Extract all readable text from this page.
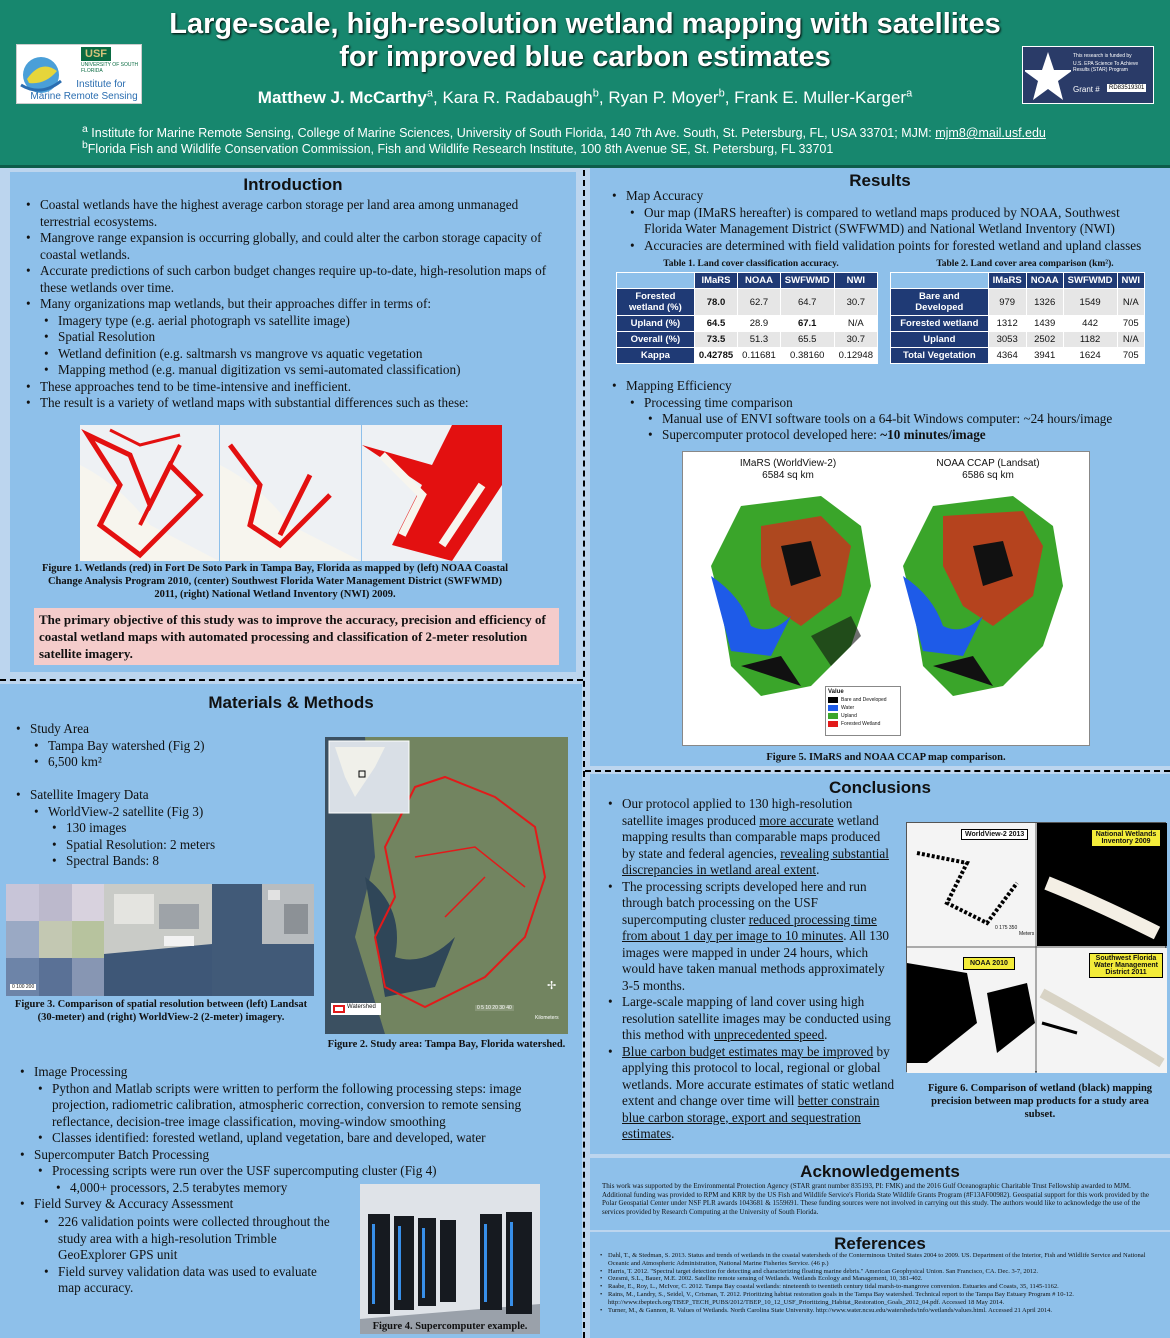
USF
UNIVERSITY OF SOUTH FLORIDA
Institute for
Marine Remote Sensing
Large-scale, high-resolution wetland mapping with satellites for improved blue carbon estimates
Matthew J. McCarthy$^a$, Kara R. Radabaugh$^b$, Ryan P. Moyer$^b$, Frank E. Muller-Karger$^a$
$^a$ Institute for Marine Remote Sensing, College of Marine Sciences, University of South Florida, 140 7th Ave. South, St. Petersburg, FL, USA 33701; MJM: mjm8@mail.usf.edu
$^b$Florida Fish and Wildlife Conservation Commission, Fish and Wildlife Research Institute, 100 8th Avenue SE, St. Petersburg, FL 33701
This research is funded by
U.S. EPA Science To Achieve Results (STAR) Program
Grant #	RD83519301
Introduction
• Coastal wetlands have the highest average carbon storage per land area among unmanaged terrestrial ecosystems.
• Mangrove range expansion is occurring globally, and could alter the carbon storage capacity of coastal wetlands.
• Accurate predictions of such carbon budget changes require up-to-date, high-resolution maps of these wetlands over time.
• Many organizations map wetlands, but their approaches differ in terms of:
• Imagery type (e.g. aerial photograph vs satellite image)
• Spatial Resolution
• Wetland definition (e.g. saltmarsh vs mangrove vs aquatic vegetation
• Mapping method (e.g. manual digitization vs semi-automated classification)
• These approaches tend to be time-intensive and inefficient.
• The result is a variety of wetland maps with substantial differences such as these:
Figure 1. Wetlands (red) in Fort De Soto Park in Tampa Bay, Florida as mapped by (left) NOAA Coastal Change Analysis Program 2010, (center) Southwest Florida Water Management District (SWFWMD) 2011, (right) National Wetland Inventory (NWI) 2009.
The primary objective of this study was to improve the accuracy, precision and efficiency of coastal wetland maps with automated processing and classification of 2-meter resolution satellite imagery.
Materials & Methods
• Study Area
• Tampa Bay watershed (Fig 2)
• 6,500 km²
• Satellite Imagery Data
• WorldView-2 satellite (Fig 3)
• 130 images
• Spatial Resolution: 2 meters
• Spectral Bands: 8
0 100 200
Figure 3. Comparison of spatial resolution between (left) Landsat (30-meter) and (right) WorldView-2 (2-meter) imagery.
Watershed
✢
0 5 10 20 30 40
Kilometers
Figure 2. Study area: Tampa Bay, Florida watershed.
• Image Processing
• Python and Matlab scripts were written to perform the following processing steps: image projection, radiometric calibration, atmospheric correction, conversion to remote sensing reflectance, decision-tree image classification, moving-window smoothing
• Classes identified: forested wetland, upland vegetation, bare and developed, water
• Supercomputer Batch Processing
• Processing scripts were run over the USF supercomputing cluster (Fig 4)
• 4,000+ processors, 2.5 terabytes memory
• Field Survey & Accuracy Assessment
• 226 validation points were collected throughout the study area with a high-resolution Trimble GeoExplorer GPS unit
• Field survey validation data was used to evaluate map accuracy.
Figure 4. Supercomputer example.
Results
• Map Accuracy
• Our map (IMaRS hereafter) is compared to wetland maps produced by NOAA, Southwest Florida Water Management District (SWFWMD) and National Wetland Inventory (NWI)
• Accuracies are determined with field validation points for forested wetland and upland classes
Table 1. Land cover classification accuracy.
	IMaRS	NOAA	SWFWMD	NWI
Forested wetland (%)	78.0	62.7	64.7	30.7
Upland (%)	64.5	28.9	67.1	N/A
Overall (%)	73.5	51.3	65.5	30.7
Kappa	0.42785	0.11681	0.38160	0.12948
Table 2. Land cover area comparison (km²).
	IMaRS	NOAA	SWFWMD	NWI
Bare and Developed	979	1326	1549	N/A
Forested wetland	1312	1439	442	705
Upland	3053	2502	1182	N/A
Total Vegetation	4364	3941	1624	705
• Mapping Efficiency
• Processing time comparison
• Manual use of ENVI software tools on a 64-bit Windows computer: ~24 hours/image
• Supercomputer protocol developed here: ~10 minutes/image
IMaRS (WorldView-2)
6584 sq km
NOAA CCAP (Landsat)
6586 sq km
Value
Bare and Developed
Water
Upland
Forested Wetland
Figure 5. IMaRS and NOAA CCAP map comparison.
Conclusions
• Our protocol applied to 130 high-resolution satellite images produced more accurate wetland mapping results than comparable maps produced by state and federal agencies, revealing substantial discrepancies in wetland areal extent.
• The processing scripts developed here and run through batch processing on the USF supercomputing cluster reduced processing time from about 1 day per image to 10 minutes. All 130 images were mapped in under 24 hours, which would have taken manual methods approximately 3-5 months.
• Large-scale mapping of land cover using high resolution satellite images may be conducted using this method with unprecedented speed.
• Blue carbon budget estimates may be improved by applying this protocol to local, regional or global wetlands. More accurate estimates of static wetland extent and change over time will better constrain blue carbon storage, export and sequestration estimates.
WorldView-2 2013	National Wetlands Inventory 2009
NOAA 2010
Southwest Florida Water Management District 2011
0 175 350
Meters
Figure 6. Comparison of wetland (black) mapping precision between map products for a study area subset.
Acknowledgements
This work was supported by the Environmental Protection Agency (STAR grant number 835193, PI: FMK) and the 2016 Gulf Oceanographic Charitable Trust Fellowship awarded to MJM. Additional funding was provided to RPM and KRR by the US Fish and Wildlife Service's Florida State Wildlife Grants Program (#F13AF00982). Geospatial support for this work provided by the Polar Geospatial Center under NSF PLR awards 1043681 & 1559691. These funding sources were not involved in carrying out this study. The authors would like to acknowledge the use of the services provided by Research Computing at the University of South Florida.
References
• Dahl, T., & Stedman, S. 2013. Status and trends of wetlands in the coastal watersheds of the Conterminous United States 2004 to 2009. US. Department of the Interior, Fish and Wildlife Service and National Oceanic and Atmospheric Administration, National Marine Fisheries Service. (46 p.)
• Harris, T. 2012. "Spectral target detection for detecting and characterizing floating marine debris." American Geophysical Union. San Francisco, CA. Dec. 3-7, 2012.
• Ozesmi, S.L., Bauer, M.E. 2002. Satellite remote sensing of Wetlands. Wetlands Ecology and Management, 10, 381-402.
• Raabe, E., Roy, L., McIvor, C. 2012. Tampa Bay coastal wetlands: nineteenth to twentieth century tidal marsh-to-mangrove conversion. Estuaries and Coasts, 35, 1145-1162.
• Rains, M., Landry, S., Seidel, V., Crisman, T. 2012. Prioritizing habitat restoration goals in the Tampa Bay watershed. Technical report to the Tampa Bay Estuary Program # 10-12. http://www.tbeptech.org/TBEP_TECH_PUBS/2012/TBEP_10_12_USF_Prioritizing_Habitat_Restoration_Goals_2012_04.pdf. Accessed 18 May 2014.
• Turner, M., & Gannon, R. Values of Wetlands. North Carolina State University. http://www.water.ncsu.edu/watersheds/info/wetlands/values.html. Accessed 21 April 2014.
